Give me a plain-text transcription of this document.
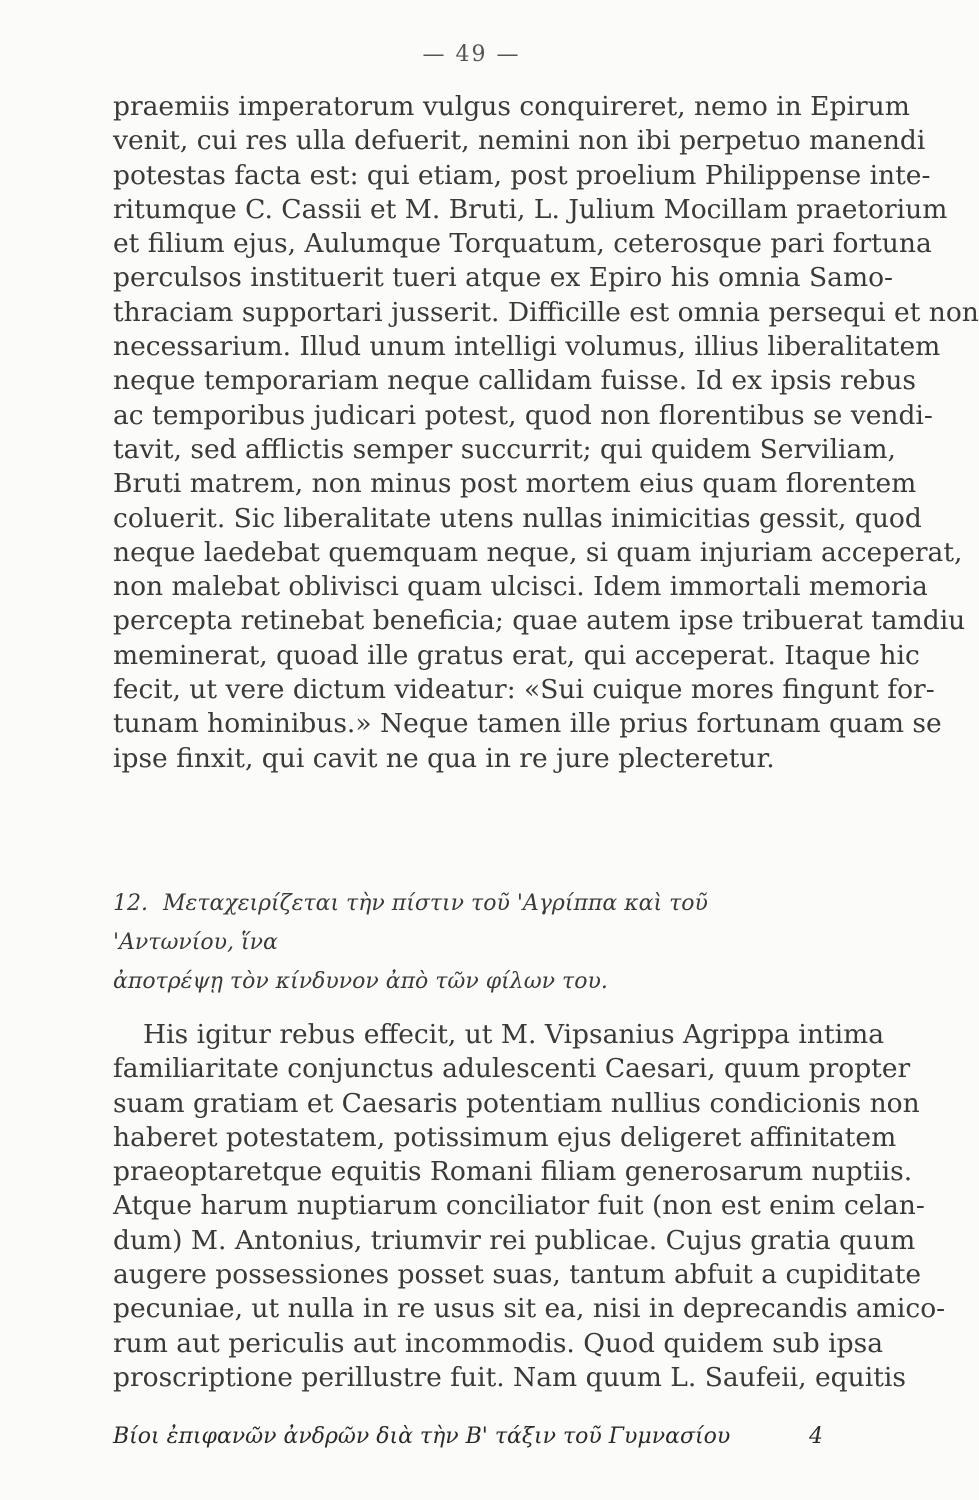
— 49 —
praemiis imperatorum vulgus conquireret, nemo in Epirum
venit, cui res ulla defuerit, nemini non ibi perpetuo manendi
potestas facta est: qui etiam, post proelium Philippense inte-
ritumque C. Cassii et M. Bruti, L. Julium Mocillam praetorium
et filium ejus, Aulumque Torquatum, ceterosque pari fortuna
perculsos instituerit tueri atque ex Epiro his omnia Samo-
thraciam supportari jusserit. Difficille est omnia persequi et non
necessarium. Illud unum intelligi volumus, illius liberalitatem
neque temporariam neque callidam fuisse. Id ex ipsis rebus
ac temporibus judicari potest, quod non florentibus se vendi-
tavit, sed afflictis semper succurrit; qui quidem Serviliam,
Bruti matrem, non minus post mortem eius quam florentem
coluerit. Sic liberalitate utens nullas inimicitias gessit, quod
neque laedebat quemquam neque, si quam injuriam acceperat,
non malebat oblivisci quam ulcisci. Idem immortali memoria
percepta retinebat beneficia; quae autem ipse tribuerat tamdiu
meminerat, quoad ille gratus erat, qui acceperat. Itaque hic
fecit, ut vere dictum videatur: «Sui cuique mores fingunt for-
tunam hominibus.» Neque tamen ille prius fortunam quam se
ipse finxit, qui cavit ne qua in re jure plecteretur.
12. Μεταχειρίζεται τὴν πίστιν τοῦ 'Αγρίππα καὶ τοῦ 'Αντωνίου, ἵνα
ἀποτρέψῃ τὸν κίνδυνον ἀπὸ τῶν φίλων του.
His igitur rebus effecit, ut M. Vipsanius Agrippa intima
familiaritate conjunctus adulescenti Caesari, quum propter
suam gratiam et Caesaris potentiam nullius condicionis non
haberet potestatem, potissimum ejus deligeret affinitatem
praeoptaretque equitis Romani filiam generosarum nuptiis.
Atque harum nuptiarum conciliator fuit (non est enim celan-
dum) M. Antonius, triumvir rei publicae. Cujus gratia quum
augere possessiones posset suas, tantum abfuit a cupiditate
pecuniae, ut nulla in re usus sit ea, nisi in deprecandis amico-
rum aut periculis aut incommodis. Quod quidem sub ipsa
proscriptione perillustre fuit. Nam quum L. Saufeii, equitis
Βίοι ἐπιφανῶν ἀνδρῶν διὰ τὴν Β' τάξιν τοῦ Γυμνασίου	4
